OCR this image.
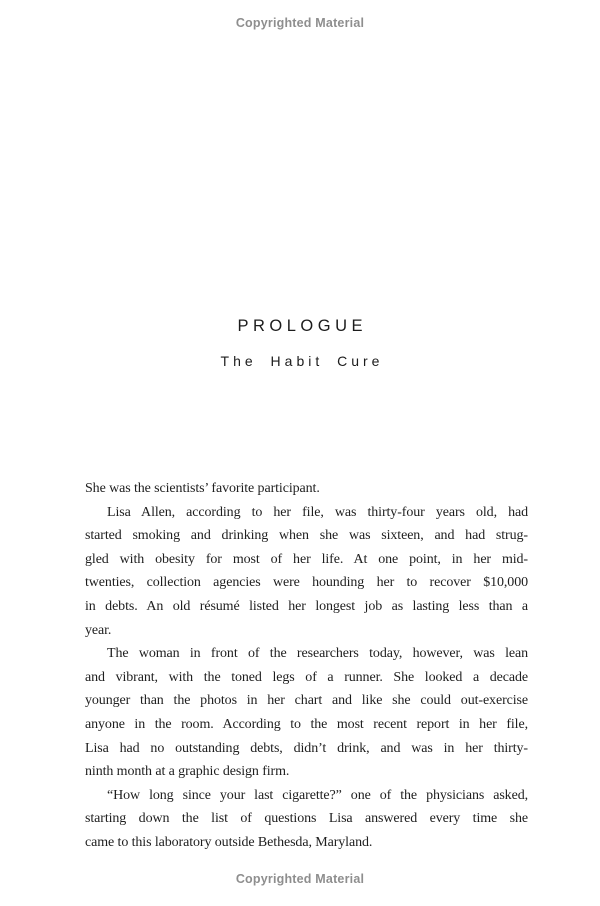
Copyrighted Material
PROLOGUE
The Habit Cure
She was the scientists’ favorite participant.
Lisa Allen, according to her file, was thirty-four years old, had
started smoking and drinking when she was sixteen, and had strug-
gled with obesity for most of her life. At one point, in her mid-
twenties, collection agencies were hounding her to recover $10,000
in debts. An old résumé listed her longest job as lasting less than a
year.
The woman in front of the researchers today, however, was lean
and vibrant, with the toned legs of a runner. She looked a decade
younger than the photos in her chart and like she could out-exercise
anyone in the room. According to the most recent report in her file,
Lisa had no outstanding debts, didn’t drink, and was in her thirty-
ninth month at a graphic design firm.
“How long since your last cigarette?” one of the physicians asked,
starting down the list of questions Lisa answered every time she
came to this laboratory outside Bethesda, Maryland.
Copyrighted Material
